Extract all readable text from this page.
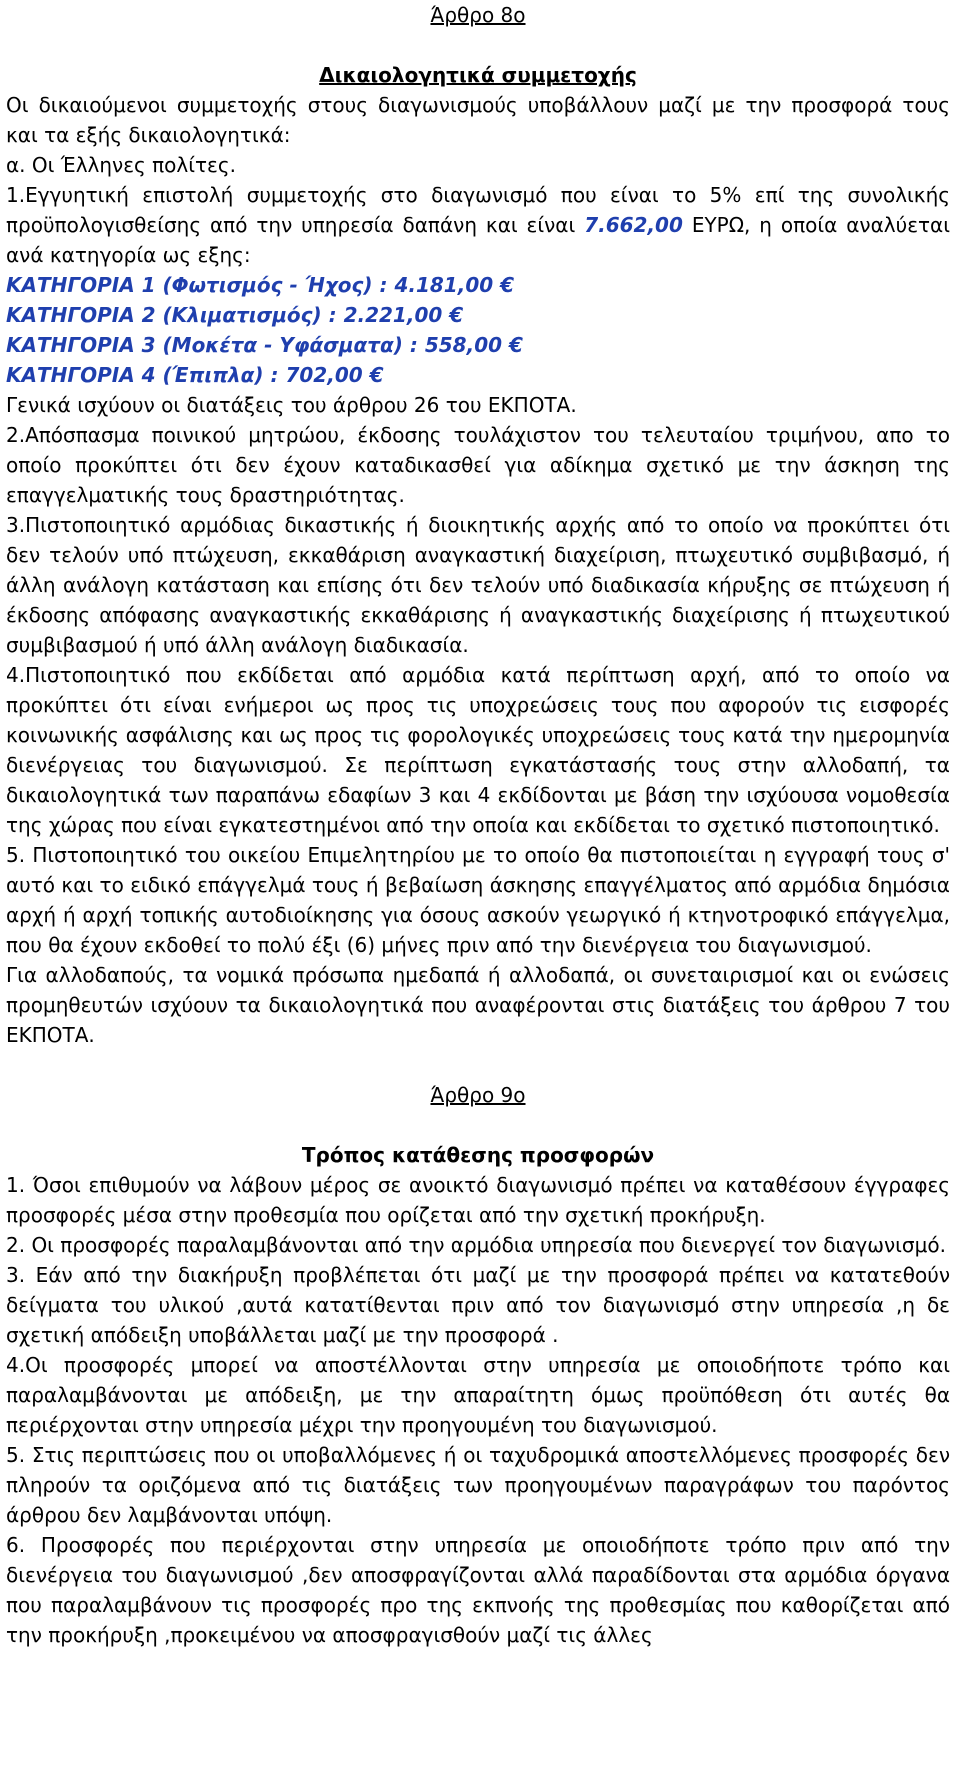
Άρθρο 8ο

Δικαιολογητικά συμμετοχής

Οι δικαιούμενοι συμμετοχής στους διαγωνισμούς υποβάλλουν μαζί με την προσφορά τους και τα εξής δικαιολογητικά:

α. Οι Έλληνες πολίτες.

1.Εγγυητική επιστολή συμμετοχής στο διαγωνισμό που είναι το 5% επί της συνολικής προϋπολογισθείσης από την υπηρεσία δαπάνη και είναι 7.662,00 ΕΥΡΩ, η οποία αναλύεται ανά κατηγορία ως εξης:

ΚΑΤΗΓΟΡΙΑ 1 (Φωτισμός - Ήχος) : 4.181,00 €

ΚΑΤΗΓΟΡΙΑ 2 (Κλιματισμός) : 2.221,00 €

ΚΑΤΗΓΟΡΙΑ 3 (Μοκέτα - Υφάσματα) : 558,00 €

ΚΑΤΗΓΟΡΙΑ 4 (Έπιπλα) : 702,00 €

Γενικά ισχύουν οι διατάξεις του άρθρου 26 του ΕΚΠΟΤΑ.

2.Απόσπασμα ποινικού μητρώου, έκδοσης τουλάχιστον του τελευταίου τριμήνου, απο το οποίο προκύπτει ότι δεν έχουν καταδικασθεί για αδίκημα σχετικό με την άσκηση της επαγγελματικής τους δραστηριότητας.

3.Πιστοποιητικό αρμόδιας δικαστικής ή διοικητικής αρχής από το οποίο να προκύπτει ότι δεν τελούν υπό πτώχευση, εκκαθάριση αναγκαστική διαχείριση, πτωχευτικό συμβιβασμό, ή άλλη ανάλογη κατάσταση και επίσης ότι δεν τελούν υπό διαδικασία κήρυξης σε πτώχευση ή έκδοσης απόφασης αναγκαστικής εκκαθάρισης ή αναγκαστικής διαχείρισης ή πτωχευτικού συμβιβασμού ή υπό άλλη ανάλογη διαδικασία.

4.Πιστοποιητικό που εκδίδεται από αρμόδια κατά περίπτωση αρχή, από το οποίο να προκύπτει ότι είναι ενήμεροι ως προς τις υποχρεώσεις τους που αφορούν τις εισφορές κοινωνικής ασφάλισης και ως προς τις φορολογικές υποχρεώσεις τους κατά την ημερομηνία διενέργειας του διαγωνισμού. Σε περίπτωση εγκατάστασής τους στην αλλοδαπή, τα δικαιολογητικά των παραπάνω εδαφίων 3 και 4 εκδίδονται με βάση την ισχύουσα νομοθεσία της χώρας που είναι εγκατεστημένοι από την οποία και εκδίδεται το σχετικό πιστοποιητικό.

5. Πιστοποιητικό του οικείου Επιμελητηρίου με το οποίο θα πιστοποιείται η εγγραφή τους σ' αυτό και το ειδικό επάγγελμά τους ή βεβαίωση άσκησης επαγγέλματος από αρμόδια δημόσια αρχή ή αρχή τοπικής αυτοδιοίκησης για όσους ασκούν γεωργικό ή κτηνοτροφικό επάγγελμα, που θα έχουν εκδοθεί το πολύ έξι (6) μήνες πριν από την διενέργεια του διαγωνισμού.

Για αλλοδαπούς, τα νομικά πρόσωπα ημεδαπά ή αλλοδαπά, οι συνεταιρισμοί και οι ενώσεις προμηθευτών ισχύουν τα δικαιολογητικά που αναφέρονται στις διατάξεις του άρθρου 7 του ΕΚΠΟΤΑ.

Άρθρο 9ο

Τρόπος κατάθεσης προσφορών

1. Όσοι επιθυμούν να λάβουν μέρος σε ανοικτό διαγωνισμό πρέπει να καταθέσουν έγγραφες προσφορές μέσα στην προθεσμία που ορίζεται από την σχετική προκήρυξη.

2. Οι προσφορές παραλαμβάνονται από την αρμόδια υπηρεσία που διενεργεί τον διαγωνισμό.

3. Εάν από την διακήρυξη προβλέπεται ότι μαζί με την προσφορά πρέπει να κατατεθούν δείγματα του υλικού ,αυτά κατατίθενται πριν από τον διαγωνισμό στην υπηρεσία ,η δε σχετική απόδειξη υποβάλλεται μαζί με την προσφορά .

4.Οι προσφορές μπορεί να αποστέλλονται στην υπηρεσία με οποιοδήποτε τρόπο και παραλαμβάνονται με απόδειξη, με την απαραίτητη όμως προϋπόθεση ότι αυτές θα περιέρχονται στην υπηρεσία μέχρι την προηγουμένη του διαγωνισμού.

5. Στις περιπτώσεις που οι υποβαλλόμενες ή οι ταχυδρομικά αποστελλόμενες προσφορές δεν πληρούν τα οριζόμενα από τις διατάξεις των προηγουμένων παραγράφων του παρόντος άρθρου δεν λαμβάνονται υπόψη.

6. Προσφορές που περιέρχονται στην υπηρεσία με οποιοδήποτε τρόπο πριν από την διενέργεια του διαγωνισμού ,δεν αποσφραγίζονται αλλά παραδίδονται στα αρμόδια όργανα που παραλαμβάνουν τις προσφορές προ της εκπνοής της προθεσμίας που καθορίζεται από την προκήρυξη ,προκειμένου να αποσφραγισθούν μαζί τις άλλες
